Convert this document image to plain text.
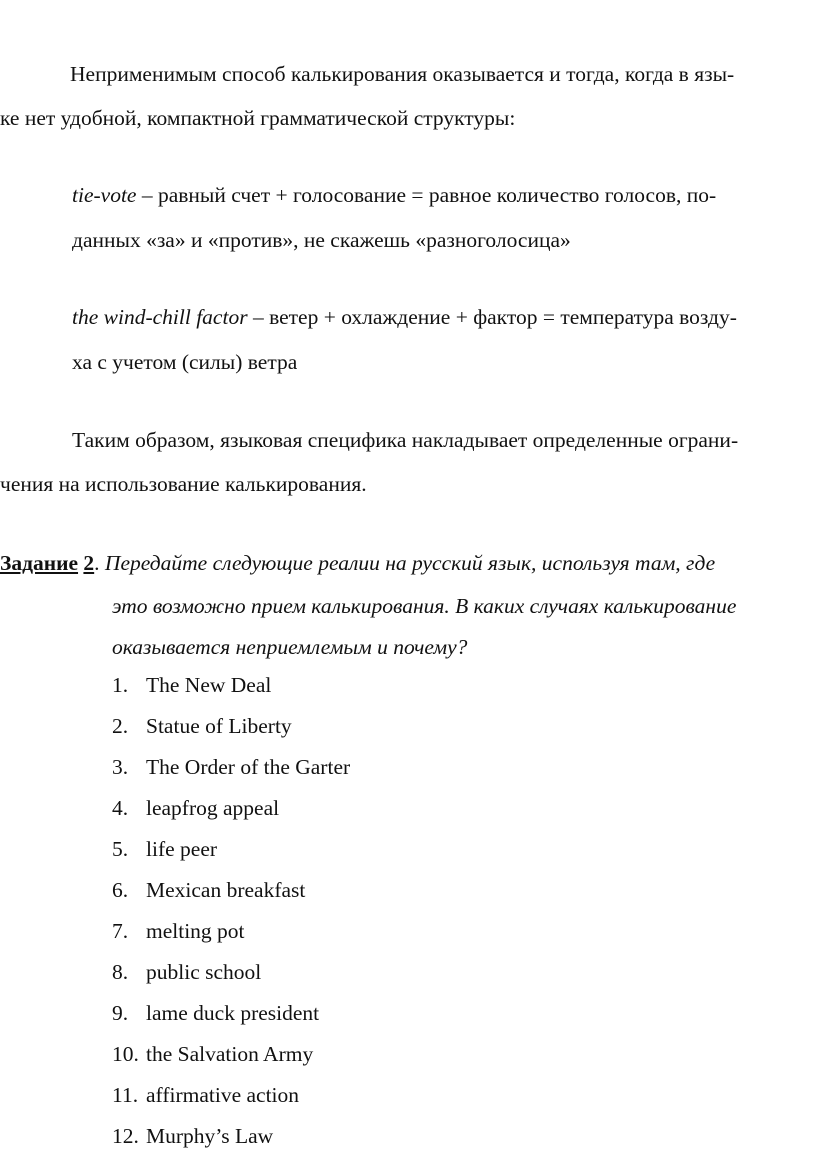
Неприменимым способ калькирования оказывается и тогда, когда в язы-
ке нет удобной, компактной грамматической структуры:
tie-vote – равный счет + голосование = равное количество голосов, по-
данных «за» и «против», не скажешь «разноголосица»
the wind-chill factor – ветер + охлаждение + фактор = температура возду-
ха с учетом (силы) ветра
Таким образом, языковая специфика накладывает определенные ограни-
чения на использование калькирования.
Задание 2. Передайте следующие реалии на русский язык, используя там, где
это возможно прием калькирования. В каких случаях калькирование
оказывается неприемлемым и почему?
1. The New Deal
2. Statue of Liberty
3. The Order of the Garter
4. leapfrog appeal
5. life peer
6. Mexican breakfast
7. melting pot
8. public school
9. lame duck president
10. the Salvation Army
11. affirmative action
12. Murphy’s Law
